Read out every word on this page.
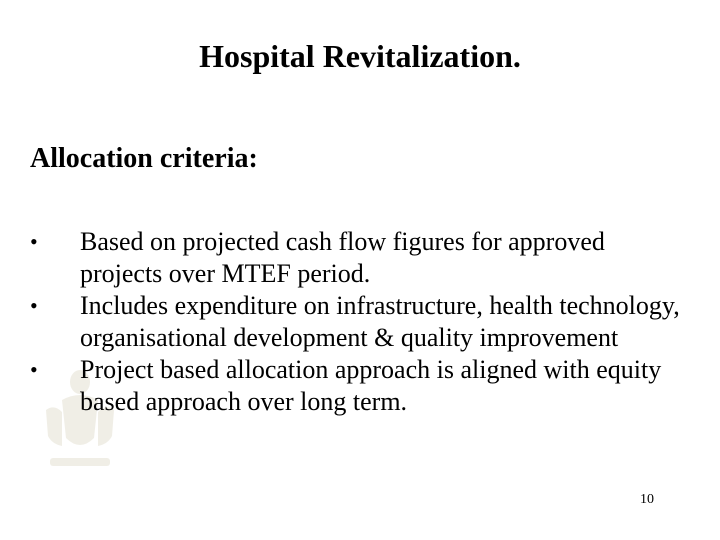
Hospital Revitalization.
Allocation criteria:
•	Based on projected cash flow figures for approved projects over MTEF period.
•	Includes expenditure on infrastructure, health technology, organisational development & quality improvement
•	Project based allocation approach is aligned with equity based approach over long term.
10
